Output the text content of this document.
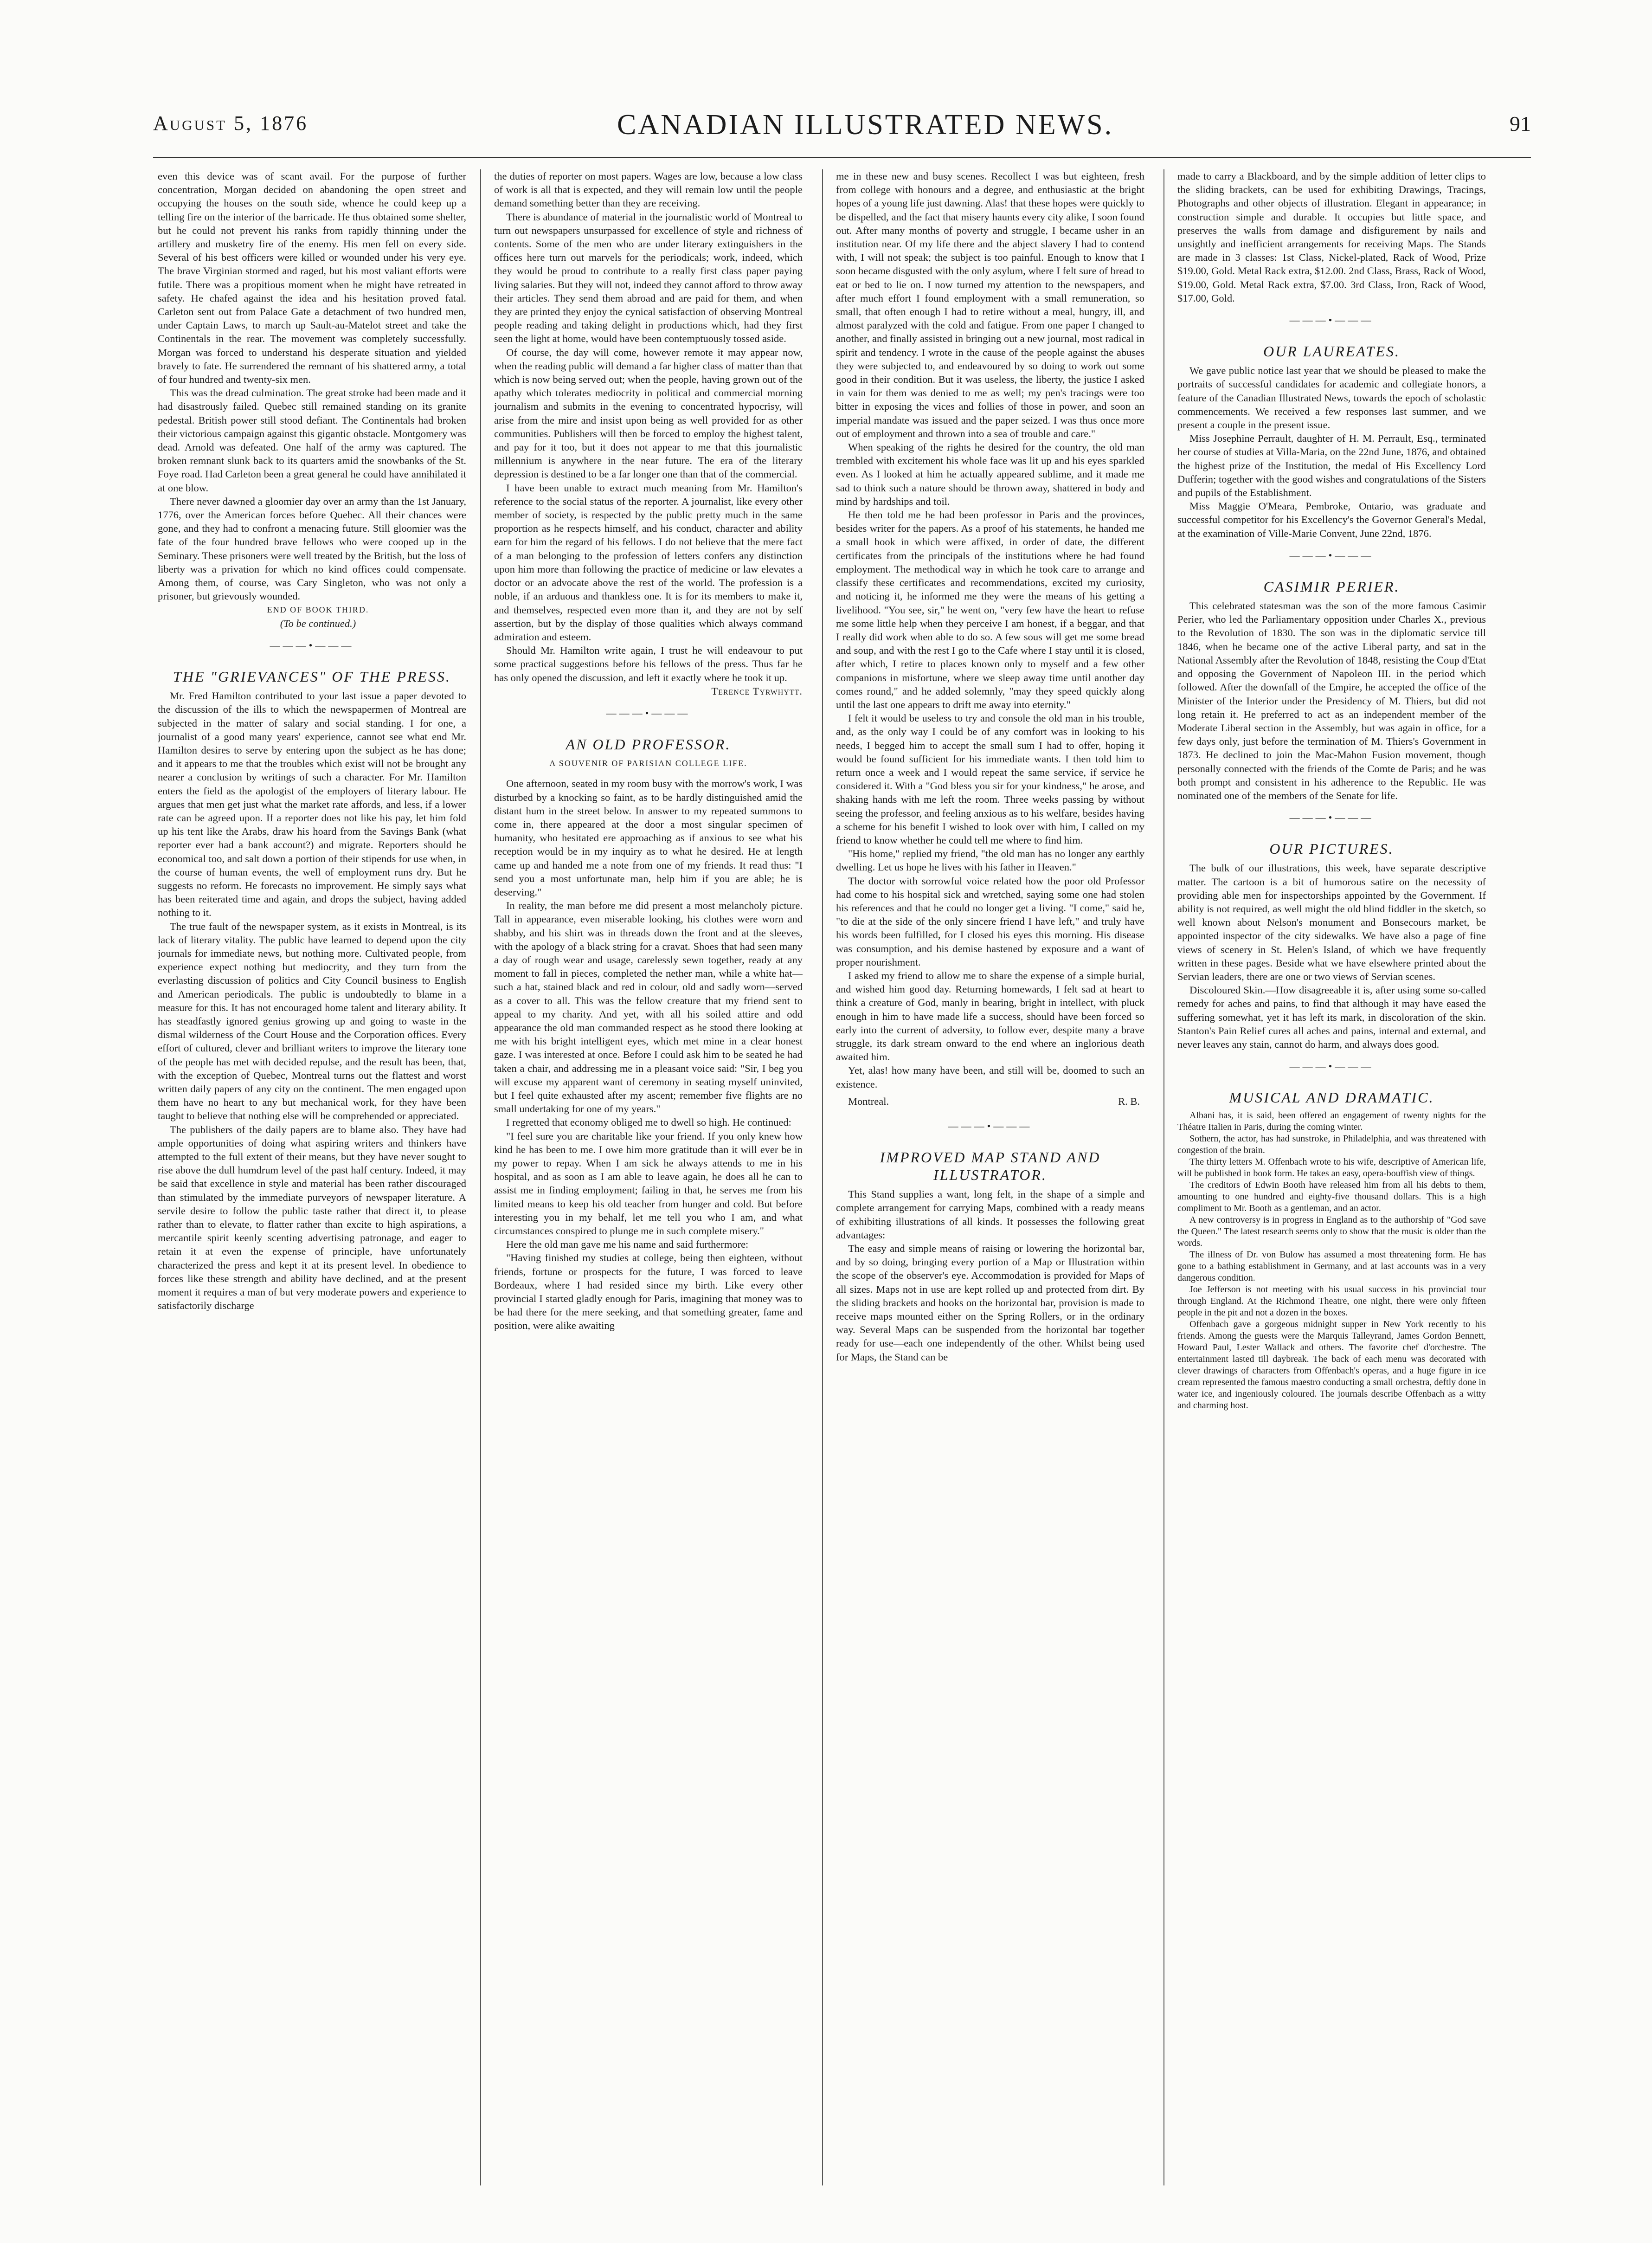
August 5, 1876	CANADIAN ILLUSTRATED NEWS.	91

even this device was of scant avail. For the purpose of further concentration, Morgan decided on abandoning the open street and occupying the houses on the south side, whence he could keep up a telling fire on the interior of the barricade. He thus obtained some shelter, but he could not prevent his ranks from rapidly thinning under the artillery and musketry fire of the enemy. His men fell on every side. Several of his best officers were killed or wounded under his very eye. The brave Virginian stormed and raged, but his most valiant efforts were futile. There was a propitious moment when he might have retreated in safety. He chafed against the idea and his hesitation proved fatal. Carleton sent out from Palace Gate a detachment of two hundred men, under Captain Laws, to march up Sault-au-Matelot street and take the Continentals in the rear. The movement was completely successfully. Morgan was forced to understand his desperate situation and yielded bravely to fate. He surrendered the remnant of his shattered army, a total of four hundred and twenty-six men.

This was the dread culmination. The great stroke had been made and it had disastrously failed. Quebec still remained standing on its granite pedestal. British power still stood defiant. The Continentals had broken their victorious campaign against this gigantic obstacle. Montgomery was dead. Arnold was defeated. One half of the army was captured. The broken remnant slunk back to its quarters amid the snowbanks of the St. Foye road. Had Carleton been a great general he could have annihilated it at one blow.

There never dawned a gloomier day over an army than the 1st January, 1776, over the American forces before Quebec. All their chances were gone, and they had to confront a menacing future. Still gloomier was the fate of the four hundred brave fellows who were cooped up in the Seminary. These prisoners were well treated by the British, but the loss of liberty was a privation for which no kind offices could compensate. Among them, of course, was Cary Singleton, who was not only a prisoner, but grievously wounded.

END OF BOOK THIRD.

(To be continued.)

———•———
THE "GRIEVANCES" OF THE PRESS.

Mr. Fred Hamilton contributed to your last issue a paper devoted to the discussion of the ills to which the newspapermen of Montreal are subjected in the matter of salary and social standing. I for one, a journalist of a good many years' experience, cannot see what end Mr. Hamilton desires to serve by entering upon the subject as he has done; and it appears to me that the troubles which exist will not be brought any nearer a conclusion by writings of such a character. For Mr. Hamilton enters the field as the apologist of the employers of literary labour. He argues that men get just what the market rate affords, and less, if a lower rate can be agreed upon. If a reporter does not like his pay, let him fold up his tent like the Arabs, draw his hoard from the Savings Bank (what reporter ever had a bank account?) and migrate. Reporters should be economical too, and salt down a portion of their stipends for use when, in the course of human events, the well of employment runs dry. But he suggests no reform. He forecasts no improvement. He simply says what has been reiterated time and again, and drops the subject, having added nothing to it.

The true fault of the newspaper system, as it exists in Montreal, is its lack of literary vitality. The public have learned to depend upon the city journals for immediate news, but nothing more. Cultivated people, from experience expect nothing but mediocrity, and they turn from the everlasting discussion of politics and City Council business to English and American periodicals. The public is undoubtedly to blame in a measure for this. It has not encouraged home talent and literary ability. It has steadfastly ignored genius growing up and going to waste in the dismal wilderness of the Court House and the Corporation offices. Every effort of cultured, clever and brilliant writers to improve the literary tone of the people has met with decided repulse, and the result has been, that, with the exception of Quebec, Montreal turns out the flattest and worst written daily papers of any city on the continent. The men engaged upon them have no heart to any but mechanical work, for they have been taught to believe that nothing else will be comprehended or appreciated.

The publishers of the daily papers are to blame also. They have had ample opportunities of doing what aspiring writers and thinkers have attempted to the full extent of their means, but they have never sought to rise above the dull humdrum level of the past half century. Indeed, it may be said that excellence in style and material has been rather discouraged than stimulated by the immediate purveyors of newspaper literature. A servile desire to follow the public taste rather that direct it, to please rather than to elevate, to flatter rather than excite to high aspirations, a mercantile spirit keenly scenting advertising patronage, and eager to retain it at even the expense of principle, have unfortunately characterized the press and kept it at its present level. In obedience to forces like these strength and ability have declined, and at the present moment it requires a man of but very moderate powers and experience to satisfactorily discharge

the duties of reporter on most papers. Wages are low, because a low class of work is all that is expected, and they will remain low until the people demand something better than they are receiving.

There is abundance of material in the journalistic world of Montreal to turn out newspapers unsurpassed for excellence of style and richness of contents. Some of the men who are under literary extinguishers in the offices here turn out marvels for the periodicals; work, indeed, which they would be proud to contribute to a really first class paper paying living salaries. But they will not, indeed they cannot afford to throw away their articles. They send them abroad and are paid for them, and when they are printed they enjoy the cynical satisfaction of observing Montreal people reading and taking delight in productions which, had they first seen the light at home, would have been contemptuously tossed aside.

Of course, the day will come, however remote it may appear now, when the reading public will demand a far higher class of matter than that which is now being served out; when the people, having grown out of the apathy which tolerates mediocrity in political and commercial morning journalism and submits in the evening to concentrated hypocrisy, will arise from the mire and insist upon being as well provided for as other communities. Publishers will then be forced to employ the highest talent, and pay for it too, but it does not appear to me that this journalistic millennium is anywhere in the near future. The era of the literary depression is destined to be a far longer one than that of the commercial.

I have been unable to extract much meaning from Mr. Hamilton's reference to the social status of the reporter. A journalist, like every other member of society, is respected by the public pretty much in the same proportion as he respects himself, and his conduct, character and ability earn for him the regard of his fellows. I do not believe that the mere fact of a man belonging to the profession of letters confers any distinction upon him more than following the practice of medicine or law elevates a doctor or an advocate above the rest of the world. The profession is a noble, if an arduous and thankless one. It is for its members to make it, and themselves, respected even more than it, and they are not by self assertion, but by the display of those qualities which always command admiration and esteem.

Should Mr. Hamilton write again, I trust he will endeavour to put some practical suggestions before his fellows of the press. Thus far he has only opened the discussion, and left it exactly where he took it up.

Terence Tyrwhytt.

———•———
AN OLD PROFESSOR.
A SOUVENIR OF PARISIAN COLLEGE LIFE.

One afternoon, seated in my room busy with the morrow's work, I was disturbed by a knocking so faint, as to be hardly distinguished amid the distant hum in the street below. In answer to my repeated summons to come in, there appeared at the door a most singular specimen of humanity, who hesitated ere approaching as if anxious to see what his reception would be in my inquiry as to what he desired. He at length came up and handed me a note from one of my friends. It read thus: "I send you a most unfortunate man, help him if you are able; he is deserving."

In reality, the man before me did present a most melancholy picture. Tall in appearance, even miserable looking, his clothes were worn and shabby, and his shirt was in threads down the front and at the sleeves, with the apology of a black string for a cravat. Shoes that had seen many a day of rough wear and usage, carelessly sewn together, ready at any moment to fall in pieces, completed the nether man, while a white hat—such a hat, stained black and red in colour, old and sadly worn—served as a cover to all. This was the fellow creature that my friend sent to appeal to my charity. And yet, with all his soiled attire and odd appearance the old man commanded respect as he stood there looking at me with his bright intelligent eyes, which met mine in a clear honest gaze. I was interested at once. Before I could ask him to be seated he had taken a chair, and addressing me in a pleasant voice said: "Sir, I beg you will excuse my apparent want of ceremony in seating myself uninvited, but I feel quite exhausted after my ascent; remember five flights are no small undertaking for one of my years."

I regretted that economy obliged me to dwell so high. He continued:

"I feel sure you are charitable like your friend. If you only knew how kind he has been to me. I owe him more gratitude than it will ever be in my power to repay. When I am sick he always attends to me in his hospital, and as soon as I am able to leave again, he does all he can to assist me in finding employment; failing in that, he serves me from his limited means to keep his old teacher from hunger and cold. But before interesting you in my behalf, let me tell you who I am, and what circumstances conspired to plunge me in such complete misery."

Here the old man gave me his name and said furthermore:

"Having finished my studies at college, being then eighteen, without friends, fortune or prospects for the future, I was forced to leave Bordeaux, where I had resided since my birth. Like every other provincial I started gladly enough for Paris, imagining that money was to be had there for the mere seeking, and that something greater, fame and position, were alike awaiting

me in these new and busy scenes. Recollect I was but eighteen, fresh from college with honours and a degree, and enthusiastic at the bright hopes of a young life just dawning. Alas! that these hopes were quickly to be dispelled, and the fact that misery haunts every city alike, I soon found out. After many months of poverty and struggle, I became usher in an institution near. Of my life there and the abject slavery I had to contend with, I will not speak; the subject is too painful. Enough to know that I soon became disgusted with the only asylum, where I felt sure of bread to eat or bed to lie on. I now turned my attention to the newspapers, and after much effort I found employment with a small remuneration, so small, that often enough I had to retire without a meal, hungry, ill, and almost paralyzed with the cold and fatigue. From one paper I changed to another, and finally assisted in bringing out a new journal, most radical in spirit and tendency. I wrote in the cause of the people against the abuses they were subjected to, and endeavoured by so doing to work out some good in their condition. But it was useless, the liberty, the justice I asked in vain for them was denied to me as well; my pen's tracings were too bitter in exposing the vices and follies of those in power, and soon an imperial mandate was issued and the paper seized. I was thus once more out of employment and thrown into a sea of trouble and care."

When speaking of the rights he desired for the country, the old man trembled with excitement his whole face was lit up and his eyes sparkled even. As I looked at him he actually appeared sublime, and it made me sad to think such a nature should be thrown away, shattered in body and mind by hardships and toil.

He then told me he had been professor in Paris and the provinces, besides writer for the papers. As a proof of his statements, he handed me a small book in which were affixed, in order of date, the different certificates from the principals of the institutions where he had found employment. The methodical way in which he took care to arrange and classify these certificates and recommendations, excited my curiosity, and noticing it, he informed me they were the means of his getting a livelihood. "You see, sir," he went on, "very few have the heart to refuse me some little help when they perceive I am honest, if a beggar, and that I really did work when able to do so. A few sous will get me some bread and soup, and with the rest I go to the Cafe where I stay until it is closed, after which, I retire to places known only to myself and a few other companions in misfortune, where we sleep away time until another day comes round," and he added solemnly, "may they speed quickly along until the last one appears to drift me away into eternity."

I felt it would be useless to try and console the old man in his trouble, and, as the only way I could be of any comfort was in looking to his needs, I begged him to accept the small sum I had to offer, hoping it would be found sufficient for his immediate wants. I then told him to return once a week and I would repeat the same service, if service he considered it. With a "God bless you sir for your kindness," he arose, and shaking hands with me left the room. Three weeks passing by without seeing the professor, and feeling anxious as to his welfare, besides having a scheme for his benefit I wished to look over with him, I called on my friend to know whether he could tell me where to find him.

"His home," replied my friend, "the old man has no longer any earthly dwelling. Let us hope he lives with his father in Heaven."

The doctor with sorrowful voice related how the poor old Professor had come to his hospital sick and wretched, saying some one had stolen his references and that he could no longer get a living. "I come," said he, "to die at the side of the only sincere friend I have left," and truly have his words been fulfilled, for I closed his eyes this morning. His disease was consumption, and his demise hastened by exposure and a want of proper nourishment.

I asked my friend to allow me to share the expense of a simple burial, and wished him good day. Returning homewards, I felt sad at heart to think a creature of God, manly in bearing, bright in intellect, with pluck enough in him to have made life a success, should have been forced so early into the current of adversity, to follow ever, despite many a brave struggle, its dark stream onward to the end where an inglorious death awaited him.

Yet, alas! how many have been, and still will be, doomed to such an existence.

Montreal.	R. B.
———•———
IMPROVED MAP STAND AND ILLUSTRATOR.

This Stand supplies a want, long felt, in the shape of a simple and complete arrangement for carrying Maps, combined with a ready means of exhibiting illustrations of all kinds. It possesses the following great advantages:

The easy and simple means of raising or lowering the horizontal bar, and by so doing, bringing every portion of a Map or Illustration within the scope of the observer's eye. Accommodation is provided for Maps of all sizes. Maps not in use are kept rolled up and protected from dirt. By the sliding brackets and hooks on the horizontal bar, provision is made to receive maps mounted either on the Spring Rollers, or in the ordinary way. Several Maps can be suspended from the horizontal bar together ready for use—each one independently of the other. Whilst being used for Maps, the Stand can be

made to carry a Blackboard, and by the simple addition of letter clips to the sliding brackets, can be used for exhibiting Drawings, Tracings, Photographs and other objects of illustration. Elegant in appearance; in construction simple and durable. It occupies but little space, and preserves the walls from damage and disfigurement by nails and unsightly and inefficient arrangements for receiving Maps. The Stands are made in 3 classes: 1st Class, Nickel-plated, Rack of Wood, Prize $19.00, Gold. Metal Rack extra, $12.00. 2nd Class, Brass, Rack of Wood, $19.00, Gold. Metal Rack extra, $7.00. 3rd Class, Iron, Rack of Wood, $17.00, Gold.

———•———
OUR LAUREATES.

We gave public notice last year that we should be pleased to make the portraits of successful candidates for academic and collegiate honors, a feature of the Canadian Illustrated News, towards the epoch of scholastic commencements. We received a few responses last summer, and we present a couple in the present issue.

Miss Josephine Perrault, daughter of H. M. Perrault, Esq., terminated her course of studies at Villa-Maria, on the 22nd June, 1876, and obtained the highest prize of the Institution, the medal of His Excellency Lord Dufferin; together with the good wishes and congratulations of the Sisters and pupils of the Establishment.

Miss Maggie O'Meara, Pembroke, Ontario, was graduate and successful competitor for his Excellency's the Governor General's Medal, at the examination of Ville-Marie Convent, June 22nd, 1876.

———•———
CASIMIR PERIER.

This celebrated statesman was the son of the more famous Casimir Perier, who led the Parliamentary opposition under Charles X., previous to the Revolution of 1830. The son was in the diplomatic service till 1846, when he became one of the active Liberal party, and sat in the National Assembly after the Revolution of 1848, resisting the Coup d'Etat and opposing the Government of Napoleon III. in the period which followed. After the downfall of the Empire, he accepted the office of the Minister of the Interior under the Presidency of M. Thiers, but did not long retain it. He preferred to act as an independent member of the Moderate Liberal section in the Assembly, but was again in office, for a few days only, just before the termination of M. Thiers's Government in 1873. He declined to join the Mac-Mahon Fusion movement, though personally connected with the friends of the Comte de Paris; and he was both prompt and consistent in his adherence to the Republic. He was nominated one of the members of the Senate for life.

———•———
OUR PICTURES.

The bulk of our illustrations, this week, have separate descriptive matter. The cartoon is a bit of humorous satire on the necessity of providing able men for inspectorships appointed by the Government. If ability is not required, as well might the old blind fiddler in the sketch, so well known about Nelson's monument and Bonsecours market, be appointed inspector of the city sidewalks. We have also a page of fine views of scenery in St. Helen's Island, of which we have frequently written in these pages. Beside what we have elsewhere printed about the Servian leaders, there are one or two views of Servian scenes.

Discoloured Skin.—How disagreeable it is, after using some so-called remedy for aches and pains, to find that although it may have eased the suffering somewhat, yet it has left its mark, in discoloration of the skin. Stanton's Pain Relief cures all aches and pains, internal and external, and never leaves any stain, cannot do harm, and always does good.

———•———
MUSICAL AND DRAMATIC.

Albani has, it is said, been offered an engagement of twenty nights for the Théatre Italien in Paris, during the coming winter.

Sothern, the actor, has had sunstroke, in Philadelphia, and was threatened with congestion of the brain.

The thirty letters M. Offenbach wrote to his wife, descriptive of American life, will be published in book form. He takes an easy, opera-bouffish view of things.

The creditors of Edwin Booth have released him from all his debts to them, amounting to one hundred and eighty-five thousand dollars. This is a high compliment to Mr. Booth as a gentleman, and an actor.

A new controversy is in progress in England as to the authorship of "God save the Queen." The latest research seems only to show that the music is older than the words.

The illness of Dr. von Bulow has assumed a most threatening form. He has gone to a bathing establishment in Germany, and at last accounts was in a very dangerous condition.

Joe Jefferson is not meeting with his usual success in his provincial tour through England. At the Richmond Theatre, one night, there were only fifteen people in the pit and not a dozen in the boxes.

Offenbach gave a gorgeous midnight supper in New York recently to his friends. Among the guests were the Marquis Talleyrand, James Gordon Bennett, Howard Paul, Lester Wallack and others. The favorite chef d'orchestre. The entertainment lasted till daybreak. The back of each menu was decorated with clever drawings of characters from Offenbach's operas, and a huge figure in ice cream represented the famous maestro conducting a small orchestra, deftly done in water ice, and ingeniously coloured. The journals describe Offenbach as a witty and charming host.
